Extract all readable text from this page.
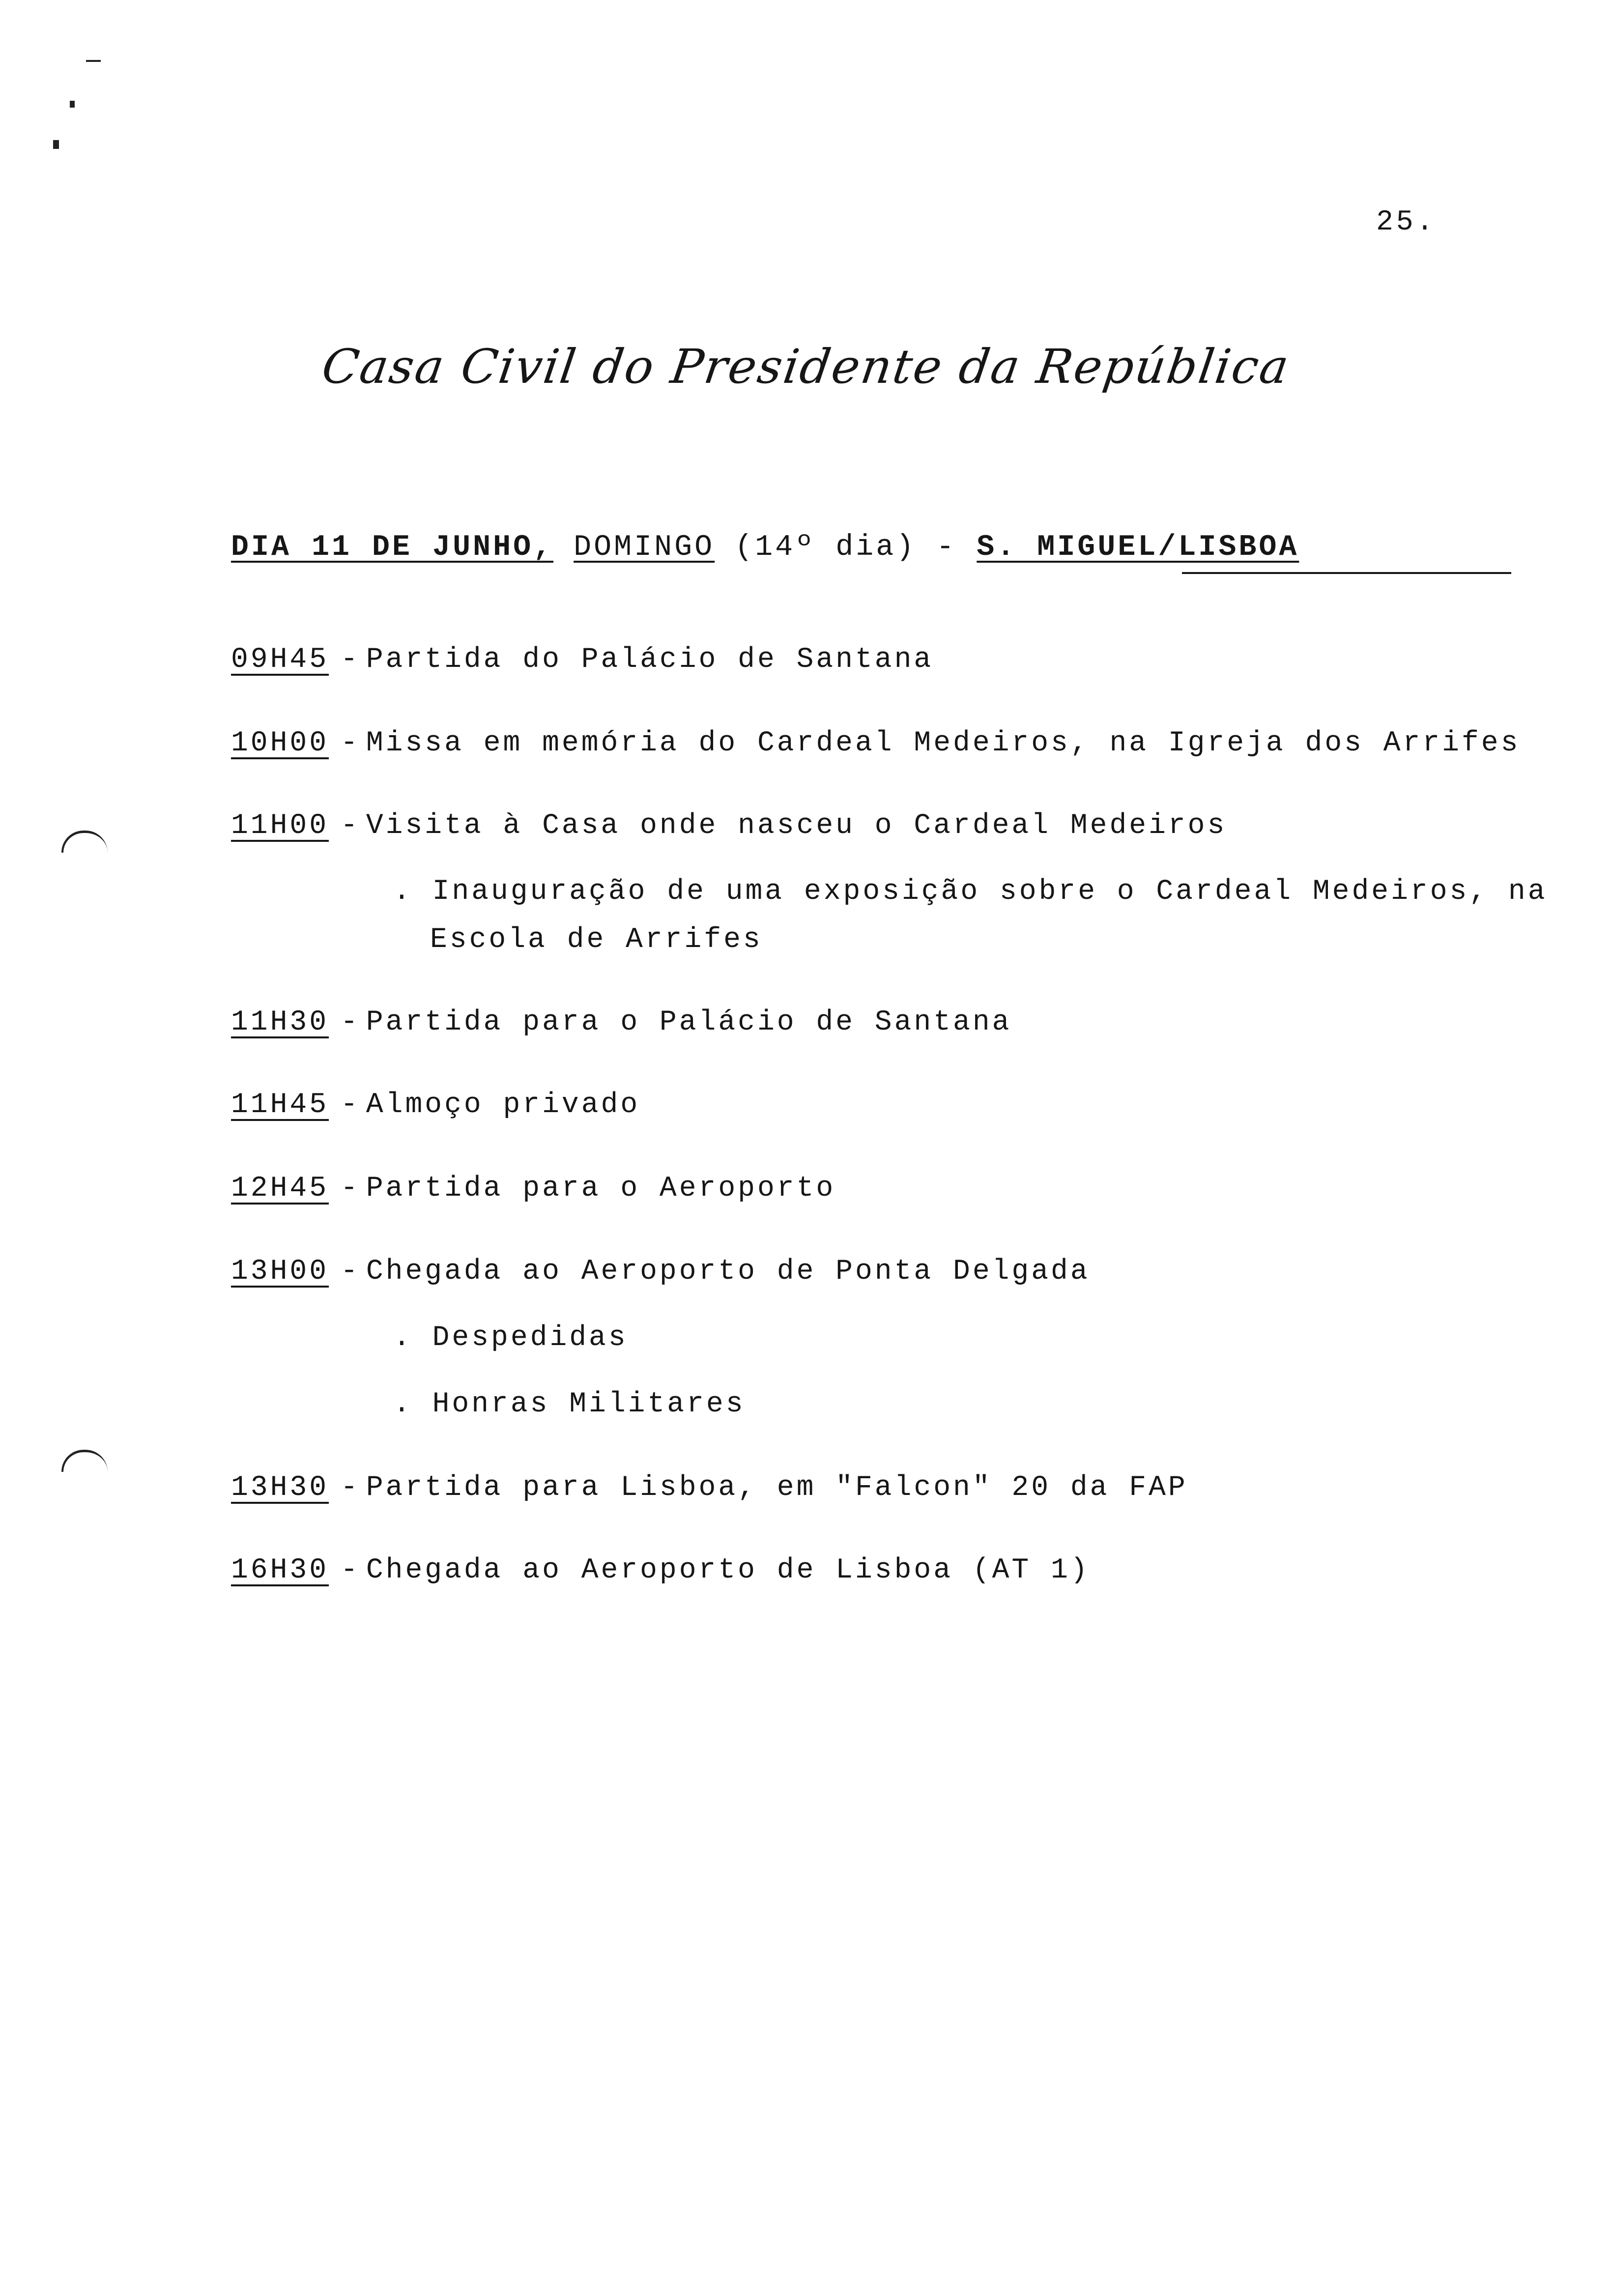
25.
Casa Civil do Presidente da República
DIA 11 DE JUNHO, DOMINGO (14º dia) - S. MIGUEL/LISBOA
09H45 - Partida do Palácio de Santana
10H00 - Missa em memória do Cardeal Medeiros, na Igreja dos Arrifes
11H00 - Visita à Casa onde nasceu o Cardeal Medeiros
. Inauguração de uma exposição sobre o Cardeal Medeiros, na
Escola de Arrifes
11H30 - Partida para o Palácio de Santana
11H45 - Almoço privado
12H45 - Partida para o Aeroporto
13H00 - Chegada ao Aeroporto de Ponta Delgada
. Despedidas
. Honras Militares
13H30 - Partida para Lisboa, em "Falcon" 20 da FAP
16H30 - Chegada ao Aeroporto de Lisboa (AT 1)
